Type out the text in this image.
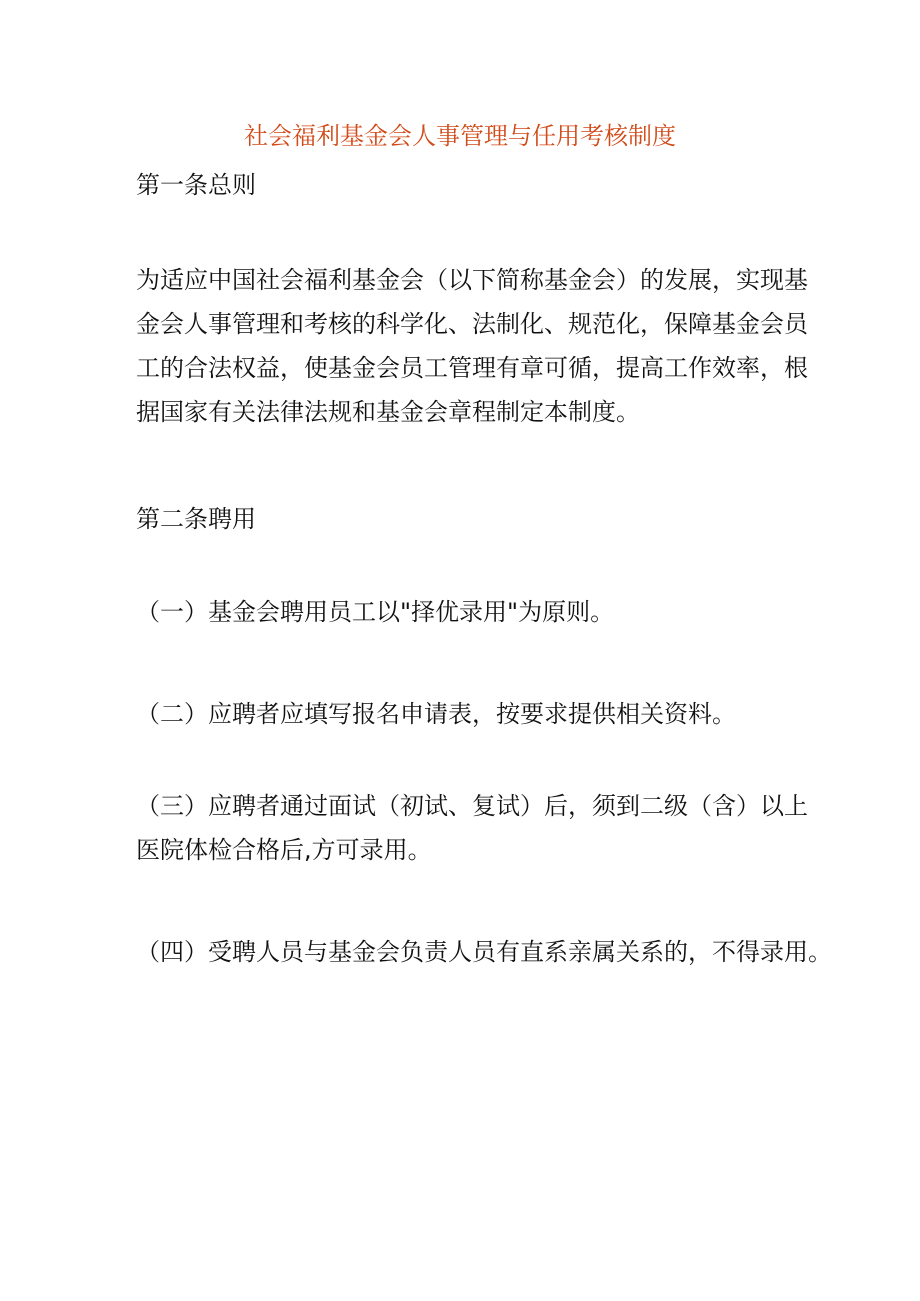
社会福利基金会人事管理与任用考核制度

第一条总则

为适应中国社会福利基金会（以下简称基金会）的发展，实现基
金会人事管理和考核的科学化、法制化、规范化，保障基金会员
工的合法权益，使基金会员工管理有章可循，提高工作效率，根
据国家有关法律法规和基金会章程制定本制度。

第二条聘用

（一）基金会聘用员工以"择优录用"为原则。

（二）应聘者应填写报名申请表，按要求提供相关资料。

（三）应聘者通过面试（初试、复试）后，须到二级（含）以上
医院体检合格后,方可录用。

（四）受聘人员与基金会负责人员有直系亲属关系的，不得录用。
